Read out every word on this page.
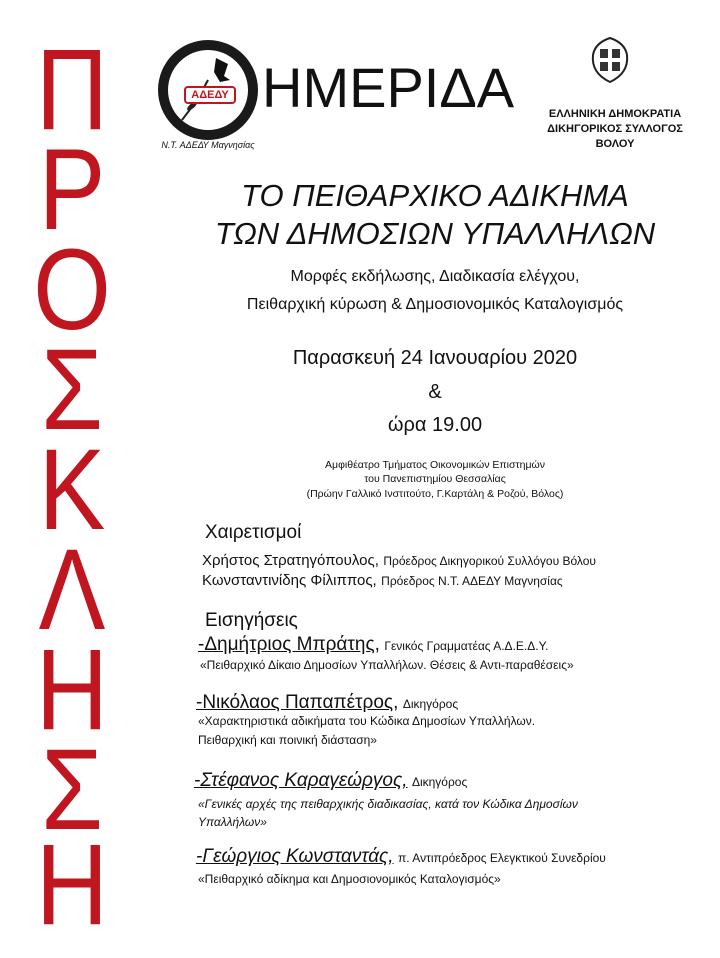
Π
Ρ
Ο
Σ
Κ
Λ
Η
Σ
Η
ΑΔΕΔΥ
Ν.Τ. ΑΔΕΔΥ Μαγνησίας
ΗΜΕΡΙΔΑ	ΕΛΛΗΝΙΚΗ ΔΗΜΟΚΡΑΤΙΑ
ΔΙΚΗΓΟΡΙΚΟΣ ΣΥΛΛΟΓΟΣ
ΒΟΛΟΥ
ΤΟ ΠΕΙΘΑΡΧΙΚΟ ΑΔΙΚΗΜΑ
ΤΩΝ ΔΗΜΟΣΙΩΝ ΥΠΑΛΛΗΛΩΝ
Μορφές εκδήλωσης, Διαδικασία ελέγχου,
Πειθαρχική κύρωση & Δημοσιονομικός Καταλογισμός
Παρασκευή 24 Ιανουαρίου 2020
&
ώρα 19.00
Αμφιθέατρο Τμήματος Οικονομικών Επιστημών
του Πανεπιστημίου Θεσσαλίας
(Πρώην Γαλλικό Ινστιτούτο, Γ.Καρτάλη & Ροζού, Βόλος)
Χαιρετισμοί
Χρήστος Στρατηγόπουλος, Πρόεδρος Δικηγορικού Συλλόγου Βόλου
Κωνσταντινίδης Φίλιππος, Πρόεδρος Ν.Τ. ΑΔΕΔΥ Μαγνησίας
Εισηγήσεις
-Δημήτριος Μπράτης, Γενικός Γραμματέας Α.Δ.Ε.Δ.Υ.
«Πειθαρχικό Δίκαιο Δημοσίων Υπαλλήλων. Θέσεις & Αντι-παραθέσεις»
-Νικόλαος Παπαπέτρος, Δικηγόρος
«Χαρακτηριστικά αδικήματα του Κώδικα Δημοσίων Υπαλλήλων.
Πειθαρχική και ποινική διάσταση»
-Στέφανος Καραγεώργος, Δικηγόρος
«Γενικές αρχές της πειθαρχικής διαδικασίας, κατά τον Κώδικα Δημοσίων
Υπαλλήλων»
-Γεώργιος Κωνσταντάς, π. Αντιπρόεδρος Ελεγκτικού Συνεδρίου
«Πειθαρχικό αδίκημα και Δημοσιονομικός Καταλογισμός»
